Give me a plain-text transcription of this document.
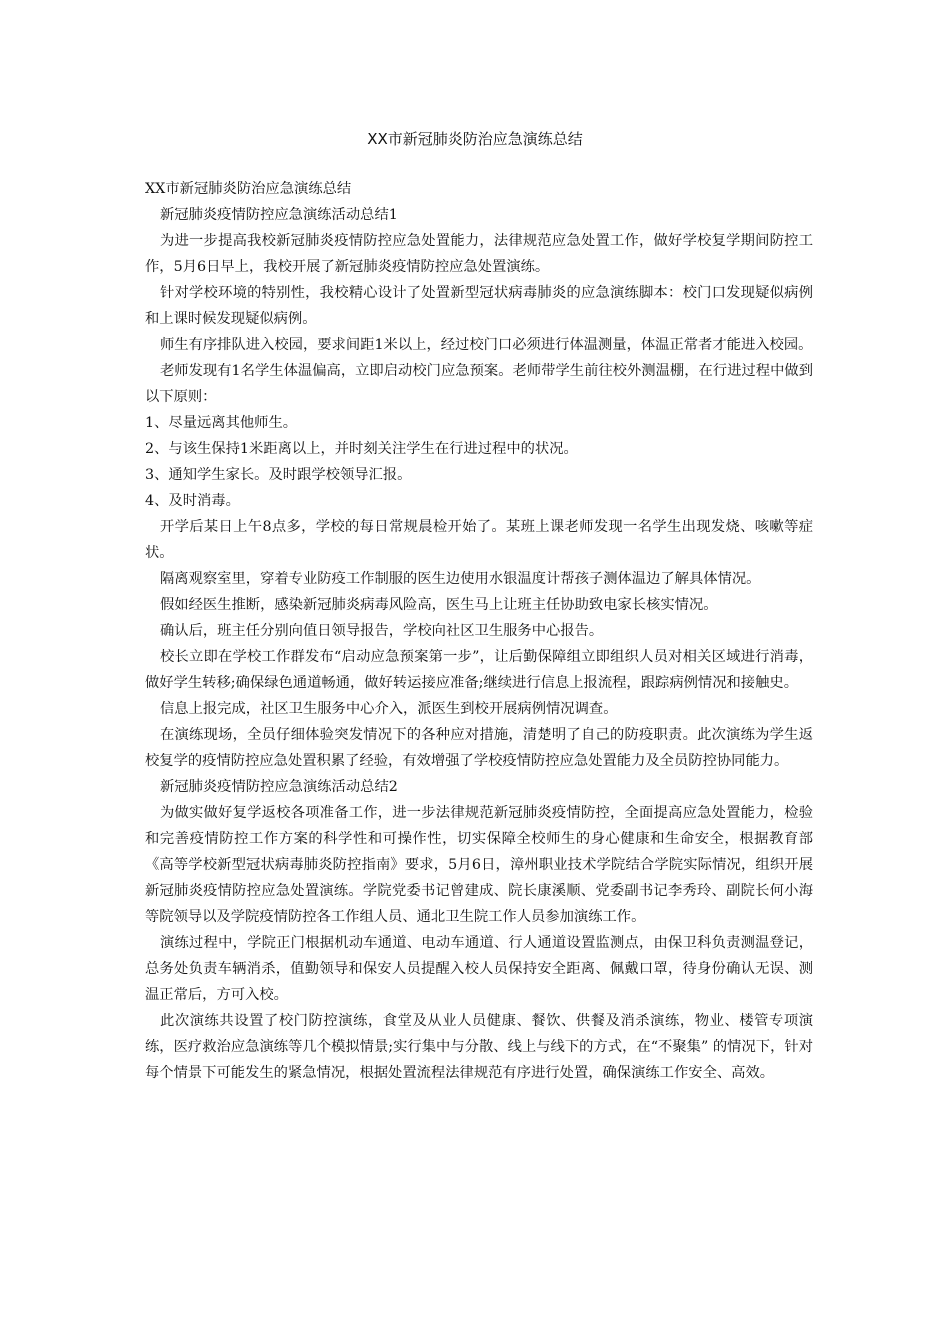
XX市新冠肺炎防治应急演练总结

XX市新冠肺炎防治应急演练总结

新冠肺炎疫情防控应急演练活动总结1

为进一步提高我校新冠肺炎疫情防控应急处置能力，法律规范应急处置工作，做好学校复学期间防控工作，5月6日早上，我校开展了新冠肺炎疫情防控应急处置演练。

针对学校环境的特别性，我校精心设计了处置新型冠状病毒肺炎的应急演练脚本：校门口发现疑似病例和上课时候发现疑似病例。

师生有序排队进入校园，要求间距1米以上，经过校门口必须进行体温测量，体温正常者才能进入校园。

老师发现有1名学生体温偏高，立即启动校门应急预案。老师带学生前往校外测温棚，在行进过程中做到以下原则：

1、尽量远离其他师生。

2、与该生保持1米距离以上，并时刻关注学生在行进过程中的状况。

3、通知学生家长。及时跟学校领导汇报。

4、及时消毒。

开学后某日上午8点多，学校的每日常规晨检开始了。某班上课老师发现一名学生出现发烧、咳嗽等症状。

隔离观察室里，穿着专业防疫工作制服的医生边使用水银温度计帮孩子测体温边了解具体情况。

假如经医生推断，感染新冠肺炎病毒风险高，医生马上让班主任协助致电家长核实情况。

确认后，班主任分别向值日领导报告，学校向社区卫生服务中心报告。

校长立即在学校工作群发布“启动应急预案第一步”，让后勤保障组立即组织人员对相关区域进行消毒，做好学生转移;确保绿色通道畅通，做好转运接应准备;继续进行信息上报流程，跟踪病例情况和接触史。

信息上报完成，社区卫生服务中心介入，派医生到校开展病例情况调查。

在演练现场，全员仔细体验突发情况下的各种应对措施，清楚明了自己的防疫职责。此次演练为学生返校复学的疫情防控应急处置积累了经验，有效增强了学校疫情防控应急处置能力及全员防控协同能力。

新冠肺炎疫情防控应急演练活动总结2

为做实做好复学返校各项准备工作，进一步法律规范新冠肺炎疫情防控，全面提高应急处置能力，检验和完善疫情防控工作方案的科学性和可操作性，切实保障全校师生的身心健康和生命安全，根据教育部《高等学校新型冠状病毒肺炎防控指南》要求，5月6日，漳州职业技术学院结合学院实际情况，组织开展新冠肺炎疫情防控应急处置演练。学院党委书记曾建成、院长康溪顺、党委副书记李秀玲、副院长何小海等院领导以及学院疫情防控各工作组人员、通北卫生院工作人员参加演练工作。

演练过程中，学院正门根据机动车通道、电动车通道、行人通道设置监测点，由保卫科负责测温登记，总务处负责车辆消杀，值勤领导和保安人员提醒入校人员保持安全距离、佩戴口罩，待身份确认无误、测温正常后，方可入校。

此次演练共设置了校门防控演练，食堂及从业人员健康、餐饮、供餐及消杀演练，物业、楼管专项演练，医疗救治应急演练等几个模拟情景;实行集中与分散、线上与线下的方式，在“不聚集” 的情况下，针对每个情景下可能发生的紧急情况，根据处置流程法律规范有序进行处置，确保演练工作安全、高效。
